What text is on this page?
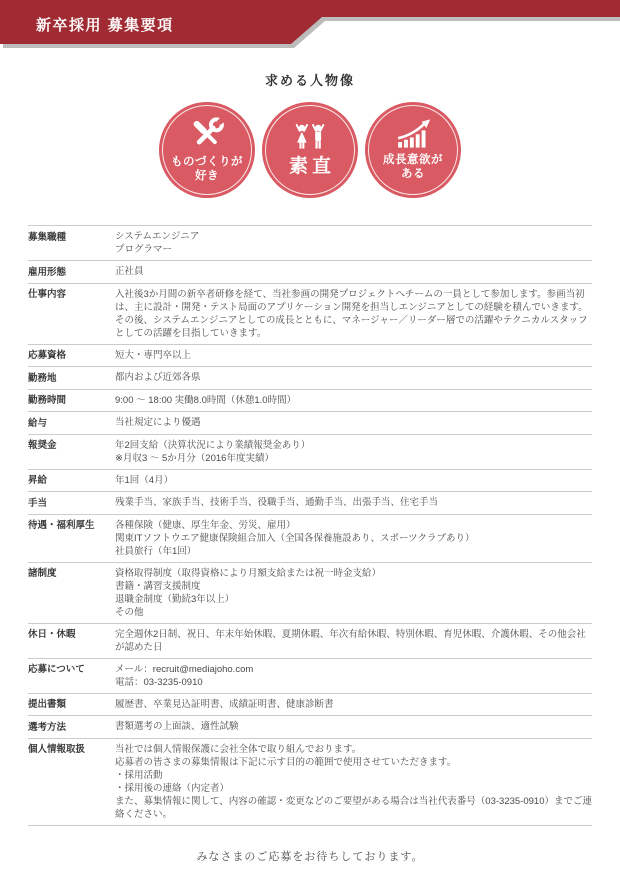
新卒採用 募集要項
求める人物像
ものづくりが
好き	素直	成長意欲が
ある
募集職種	システムエンジニア
プログラマー
雇用形態	正社員
仕事内容	入社後3か月間の新卒者研修を経て、当社参画の開発プロジェクトへチームの一員として参加します。参画当初は、主に設計・開発・テスト局面のアプリケーション開発を担当しエンジニアとしての経験を積んでいきます。その後、システムエンジニアとしての成長とともに、マネージャー／リーダー層での活躍やテクニカルスタッフとしての活躍を目指していきます。
応募資格	短大・専門卒以上
勤務地	都内および近郊各県
勤務時間	9:00 ～ 18:00 実働8.0時間（休憩1.0時間）
給与	当社規定により優遇
報奨金	年2回支給（決算状況により業績報奨金あり）
※月収3 ～ 5か月分（2016年度実績）
昇給	年1回（4月）
手当	残業手当、家族手当、技術手当、役職手当、通勤手当、出張手当、住宅手当
待遇・福利厚生	各種保険（健康、厚生年金、労災、雇用）
関東ITソフトウエア健康保険組合加入（全国各保養施設あり、スポーツクラブあり）
社員旅行（年1回）
諸制度	資格取得制度（取得資格により月額支給または祝一時金支給）
書籍・講習支援制度
退職金制度（勤続3年以上）
その他
休日・休暇	完全週休2日制、祝日、年末年始休暇、夏期休暇、年次有給休暇、特別休暇、育児休暇、介護休暇、その他会社が認めた日
応募について	メール：recruit@mediajoho.com
電話：03-3235-0910
提出書類	履歴書、卒業見込証明書、成績証明書、健康診断書
選考方法	書類選考の上面談、適性試験
個人情報取扱	当社では個人情報保護に会社全体で取り組んでおります。
応募者の皆さまの募集情報は下記に示す目的の範囲で使用させていただきます。
・採用活動
・採用後の連絡（内定者）
また、募集情報に関して、内容の確認・変更などのご要望がある場合は当社代表番号（03-3235-0910）までご連絡ください。
みなさまのご応募をお待ちしております。
